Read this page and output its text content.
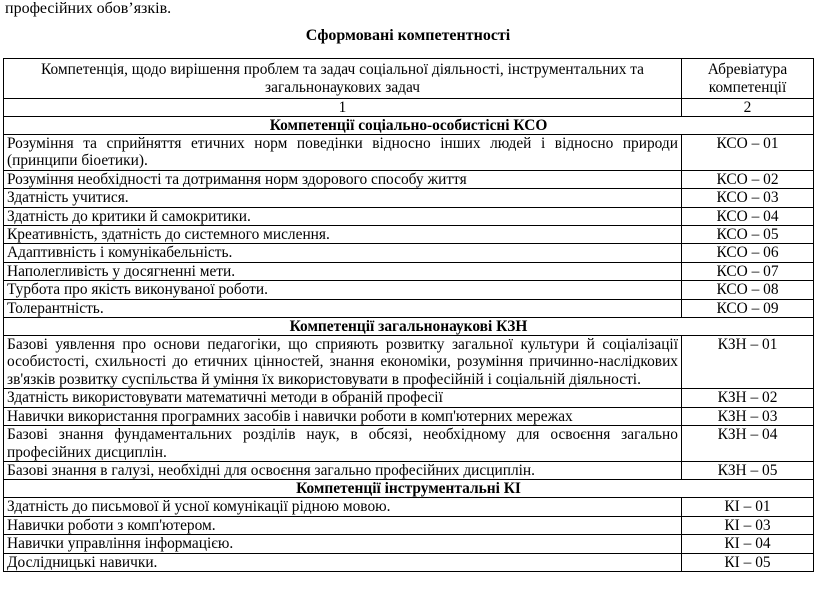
професійних обов’язків.
Сформовані компетентності
Компетенція, щодо вирішення проблем та задач соціальної діяльності, інструментальних та загальнонаукових задач	Абревіатура компетенції
1	2
Компетенції соціально-особистісні КСО	
Розуміння та сприйняття етичних норм поведінки відносно інших людей і відносно природи (принципи біоетики).	КСО – 01
Розуміння необхідності та дотримання норм здорового способу життя	КСО – 02
Здатність учитися.	КСО – 03
Здатність до критики й самокритики.	КСО – 04
Креативність, здатність до системного мислення.	КСО – 05
Адаптивність і комунікабельність.	КСО – 06
Наполегливість у досягненні мети.	КСО – 07
Турбота про якість виконуваної роботи.	КСО – 08
Толерантність.	КСО – 09
Компетенції загальнонаукові КЗН	
Базові уявлення про основи педагогіки, що сприяють розвитку загальної культури й соціалізації особистості, схильності до етичних цінностей, знання економіки, розуміння причинно-наслідкових зв'язків розвитку суспільства й уміння їх використовувати в професійній і соціальній діяльності.	КЗН – 01
Здатність використовувати математичні методи в обраній професії	КЗН – 02
Навички використання програмних засобів і навички роботи в комп'ютерних мережах	КЗН – 03
Базові знання фундаментальних розділів наук, в обсязі, необхідному для освоєння загально професійних дисциплін.	КЗН – 04
Базові знання в галузі, необхідні для освоєння загально професійних дисциплін.	КЗН – 05
Компетенції інструментальні КІ	
Здатність до письмової й усної комунікації рідною мовою.	КІ – 01
Навички роботи з комп'ютером.	КІ – 03
Навички управління інформацією.	КІ – 04
Дослідницькі навички.	КІ – 05
